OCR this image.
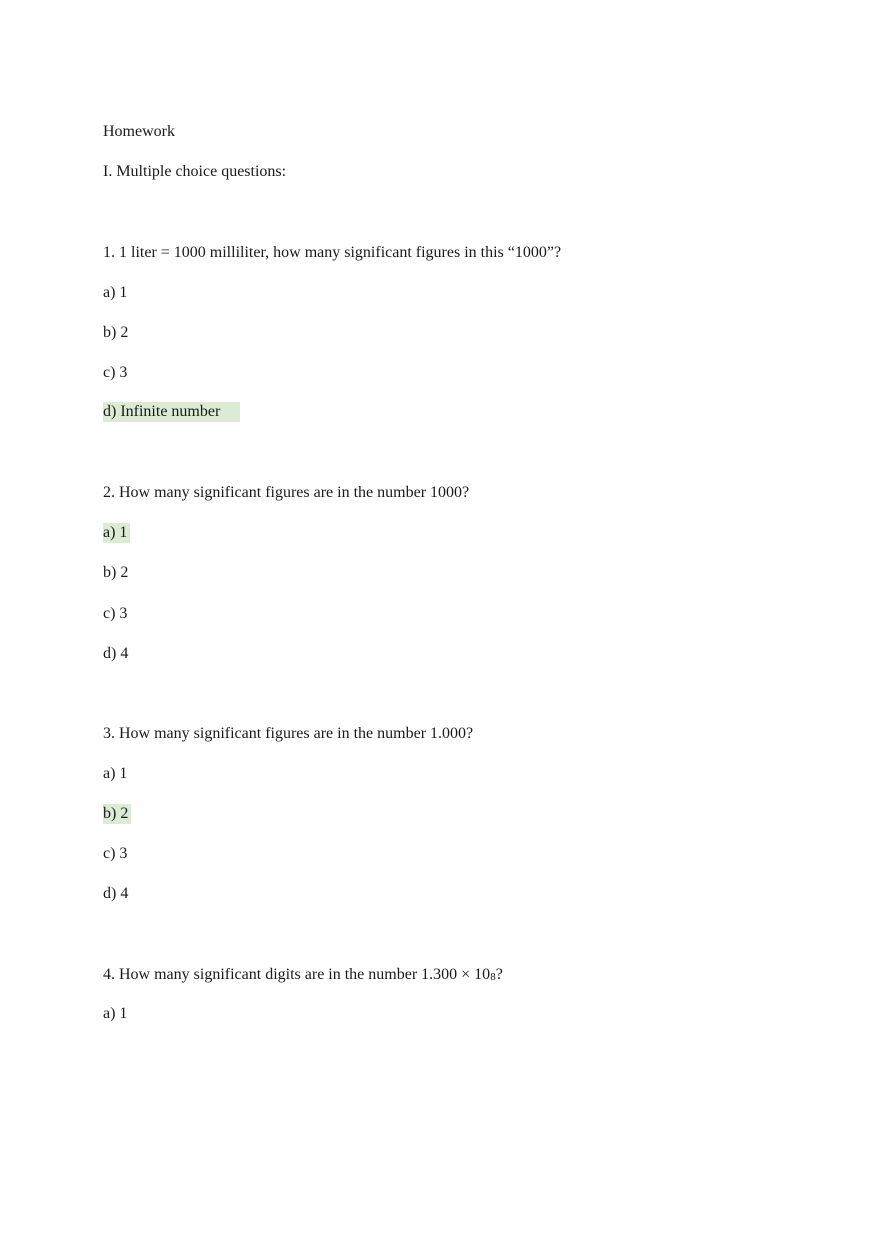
Homework
I. Multiple choice questions:
1. 1 liter = 1000 milliliter, how many significant figures in this “1000”?
a) 1
b) 2
c) 3
d) Infinite number
2. How many significant figures are in the number 1000?
a) 1
b) 2
c) 3
d) 4
3. How many significant figures are in the number 1.000?
a) 1
b) 2
c) 3
d) 4
4. How many significant digits are in the number 1.300 × 108?
a) 1
